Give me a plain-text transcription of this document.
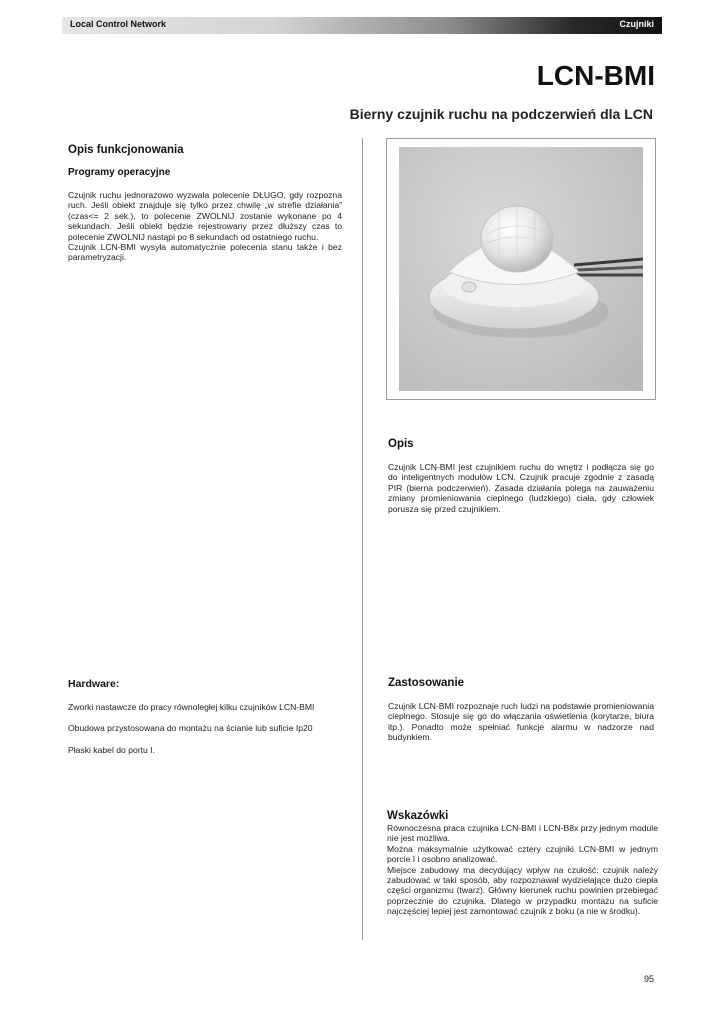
Local Control Network	Czujniki
LCN-BMI
Bierny czujnik ruchu na podczerwień dla LCN
Opis funkcjonowania
Programy operacyjne

Czujnik ruchu jednorazowo wyzwala polecenie DŁUGO, gdy rozpozna ruch. Jeśli obiekt znajduje się tylko przez chwilę „w strefie działania” (czas<= 2 sek.), to polecenie ZWOLNIJ zostanie wykonane po 4 sekundach. Jeśli obiekt będzie rejestrowany przez dłuższy czas to polecenie ZWOLNIJ nastąpi po 8 sekundach od ostatniego ruchu.

Czujnik LCN-BMI wysyła automatycznie polecenia stanu także i bez parametryzacji.

Hardware:

Zworki nastawcze do pracy równoległej kilku czujników LCN-BMI

Obudowa przystosowana do montażu na ścianie lub suficie Ip20

Płaski kabel do portu I.

Opis

Czujnik LCN-BMI jest czujnikiem ruchu do wnętrz i podłącza się go do inteligentnych modułów LCN. Czujnik pracuje zgodnie z zasadą PIR (bierna podczerwień). Zasada działania polega na zauważeniu zmiany promieniowania cieplnego (ludzkiego) ciała, gdy człowiek porusza się przed czujnikiem.

Zastosowanie

Czujnik LCN-BMI rozpoznaje ruch ludzi na podstawie promieniowania cieplnego. Stosuje się go do włączania oświetlenia (korytarze, biura itp.). Ponadto może spełniać funkcje alarmu w nadzorze nad budynkiem.

Wskazówki

Równoczesna praca czujnika LCN-BMI i LCN-B8x przy jednym module nie jest możliwa.

Można maksymalnie użytkować cztery czujniki LCN-BMI w jednym porcie I i osobno analizować.

Miejsce zabudowy ma decydujący wpływ na czułość: czujnik należy zabudować w taki sposób, aby rozpoznawał wydzielające dużo ciepła części organizmu (twarz). Główny kierunek ruchu powinien przebiegać poprzecznie do czujnika. Dlatego w przypadku montażu na suficie najczęściej lepiej jest zamontować czujnik z boku (a nie w środku).

95
